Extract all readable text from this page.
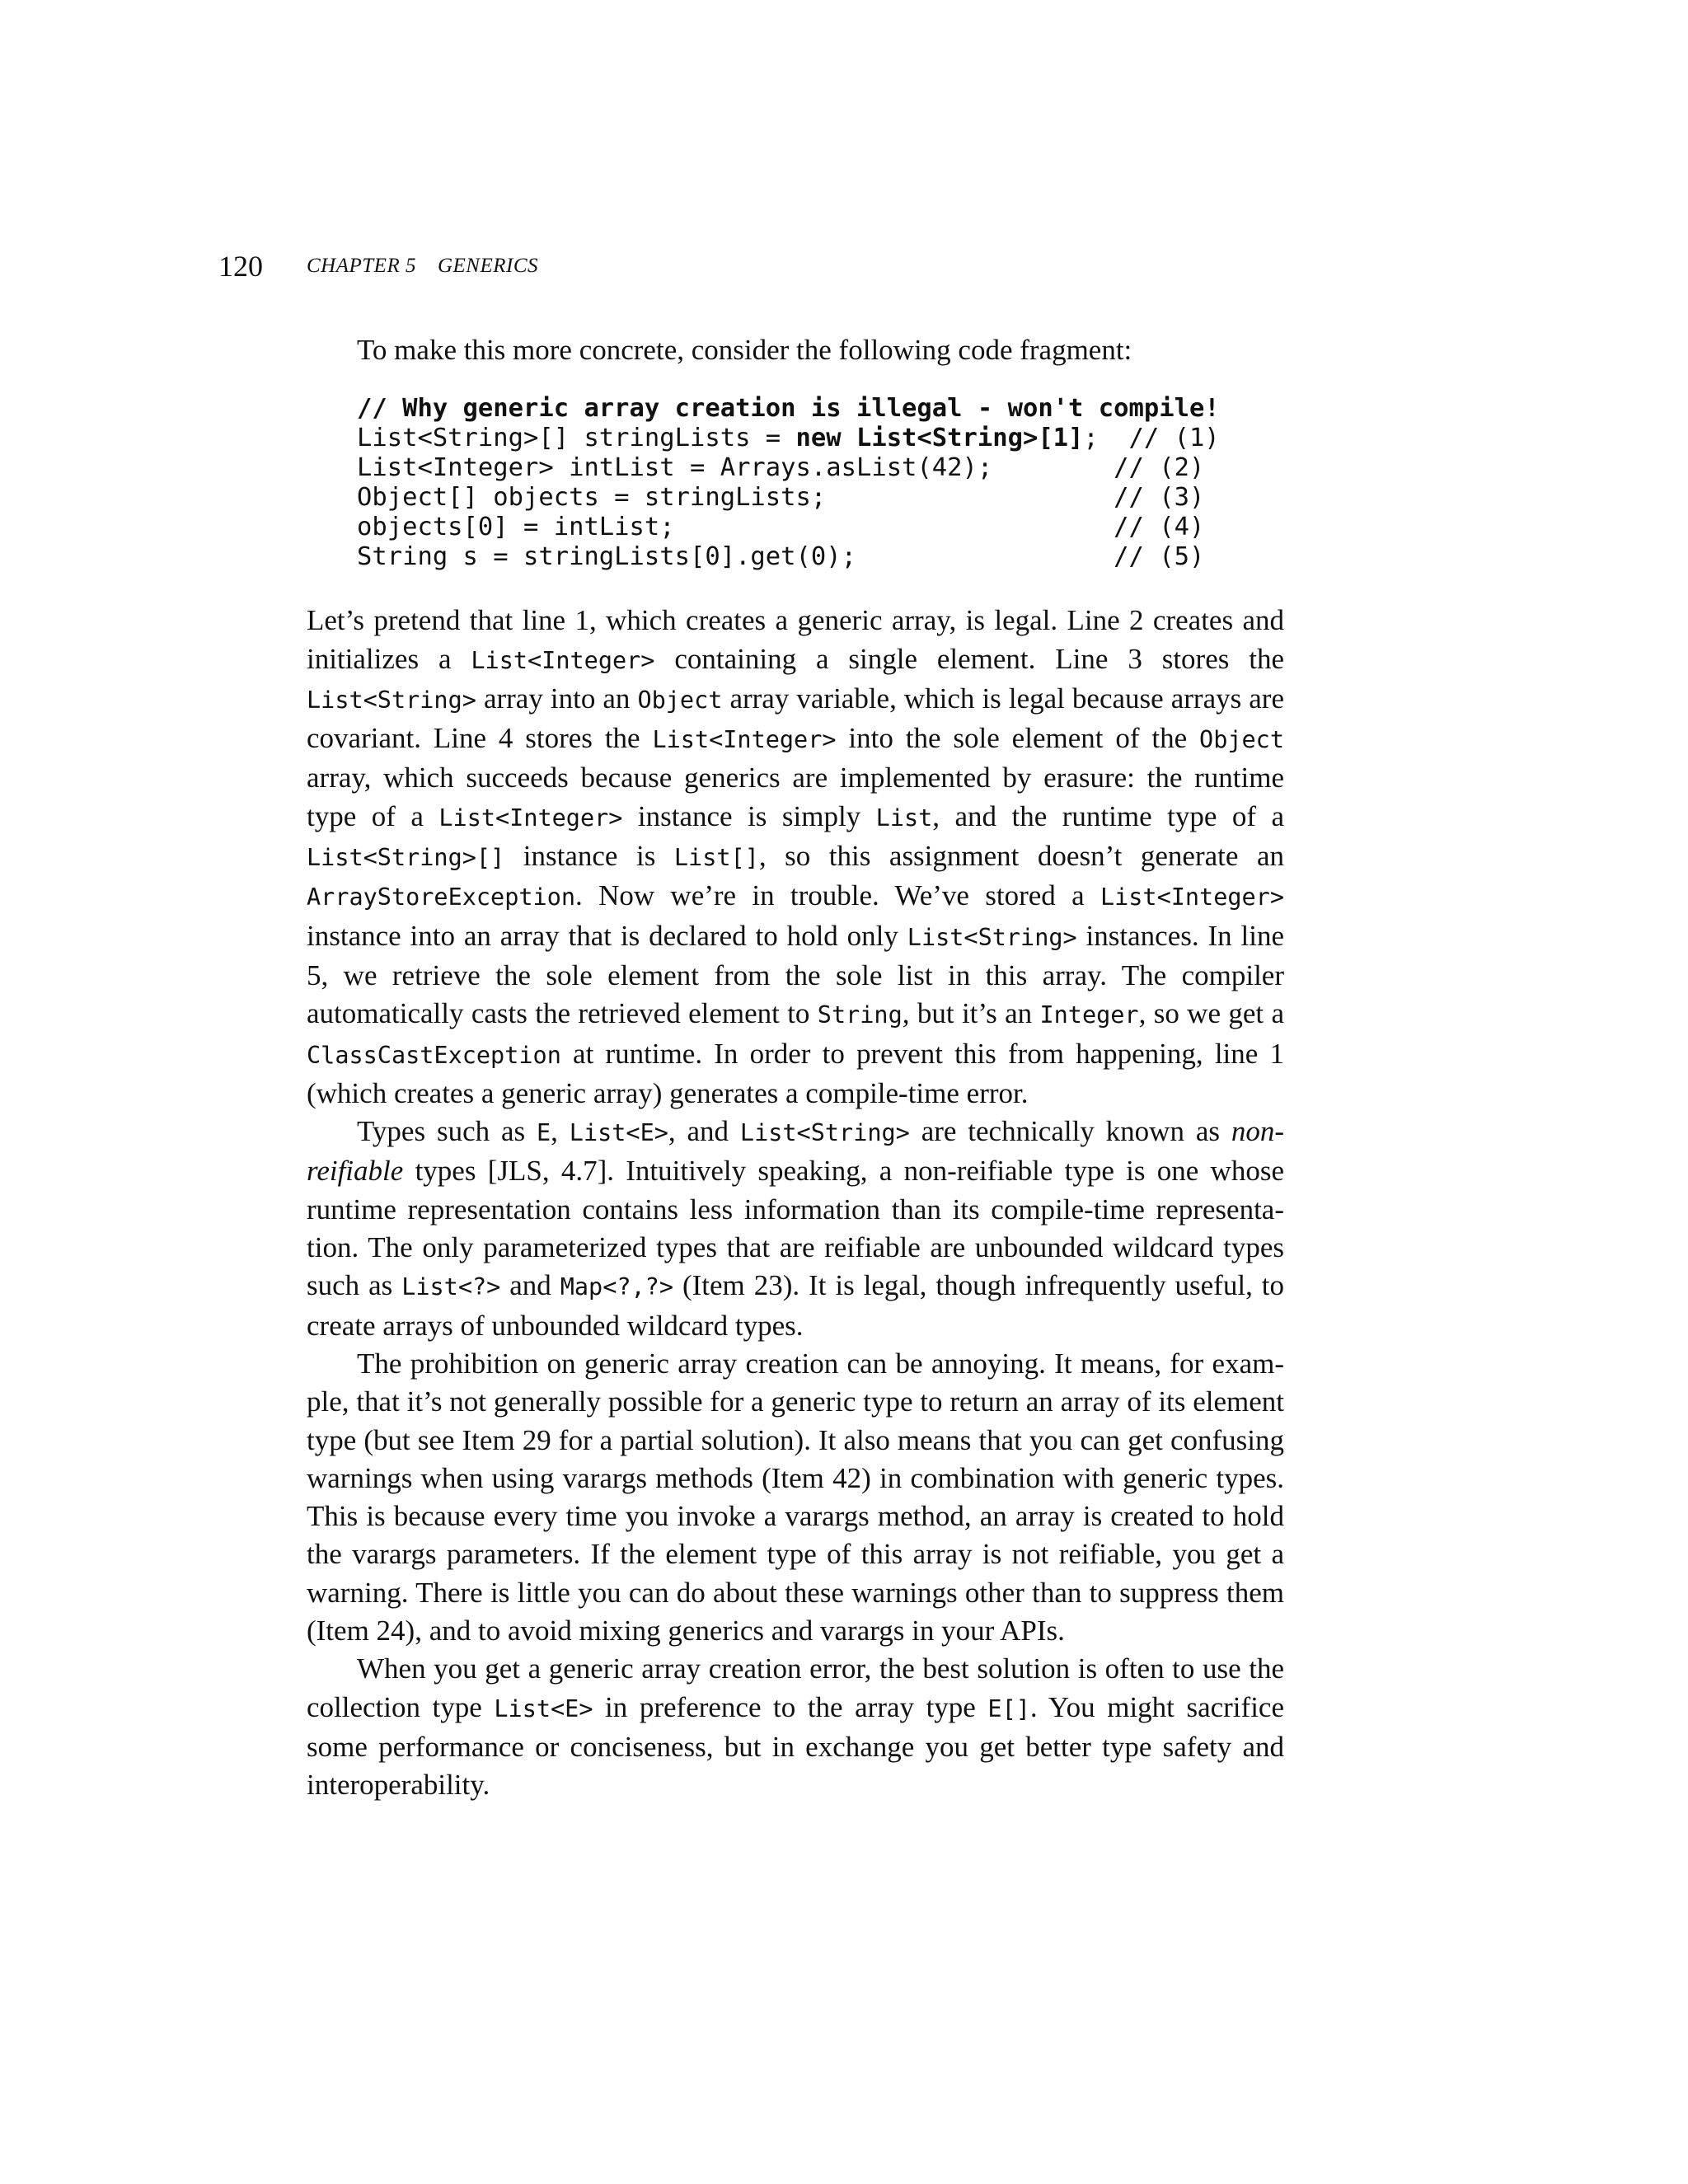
120 CHAPTER 5 GENERICS
To make this more concrete, consider the following code fragment:
// Why generic array creation is illegal - won't compile!
List<String>[] stringLists = new List<String>[1];  // (1)
List<Integer> intList = Arrays.asList(42);        // (2)
Object[] objects = stringLists;                   // (3)
objects[0] = intList;                             // (4)
String s = stringLists[0].get(0);                 // (5)

Let’s pretend that line 1, which creates a generic array, is legal. Line 2 creates and initializes a List<Integer> containing a single element. Line 3 stores the List<String> array into an Object array variable, which is legal because arrays are covariant. Line 4 stores the List<Integer> into the sole element of the Object array, which succeeds because generics are implemented by erasure: the runtime type of a List<Integer> instance is simply List, and the runtime type of a List<String>[] instance is List[], so this assignment doesn’t generate an ArrayStoreException. Now we’re in trouble. We’ve stored a List<Integer> instance into an array that is declared to hold only List<String> instances. In line 5, we retrieve the sole element from the sole list in this array. The compiler automatically casts the retrieved element to String, but it’s an Integer, so we get a ClassCastException at runtime. In order to prevent this from happening, line 1 (which creates a generic array) generates a compile-time error.

Types such as E, List<E>, and List<String> are technically known as non-reifiable types [JLS, 4.7]. Intuitively speaking, a non-reifiable type is one whose runtime representation contains less information than its compile-time representation. The only parameterized types that are reifiable are unbounded wildcard types such as List<?> and Map<?,?> (Item 23). It is legal, though infrequently useful, to create arrays of unbounded wildcard types.

The prohibition on generic array creation can be annoying. It means, for example, that it’s not generally possible for a generic type to return an array of its element type (but see Item 29 for a partial solution). It also means that you can get confusing warnings when using varargs methods (Item 42) in combination with generic types. This is because every time you invoke a varargs method, an array is created to hold the varargs parameters. If the element type of this array is not reifiable, you get a warning. There is little you can do about these warnings other than to suppress them (Item 24), and to avoid mixing generics and varargs in your APIs.

When you get a generic array creation error, the best solution is often to use the collection type List<E> in preference to the array type E[]. You might sacrifice some performance or conciseness, but in exchange you get better type safety and interoperability.
